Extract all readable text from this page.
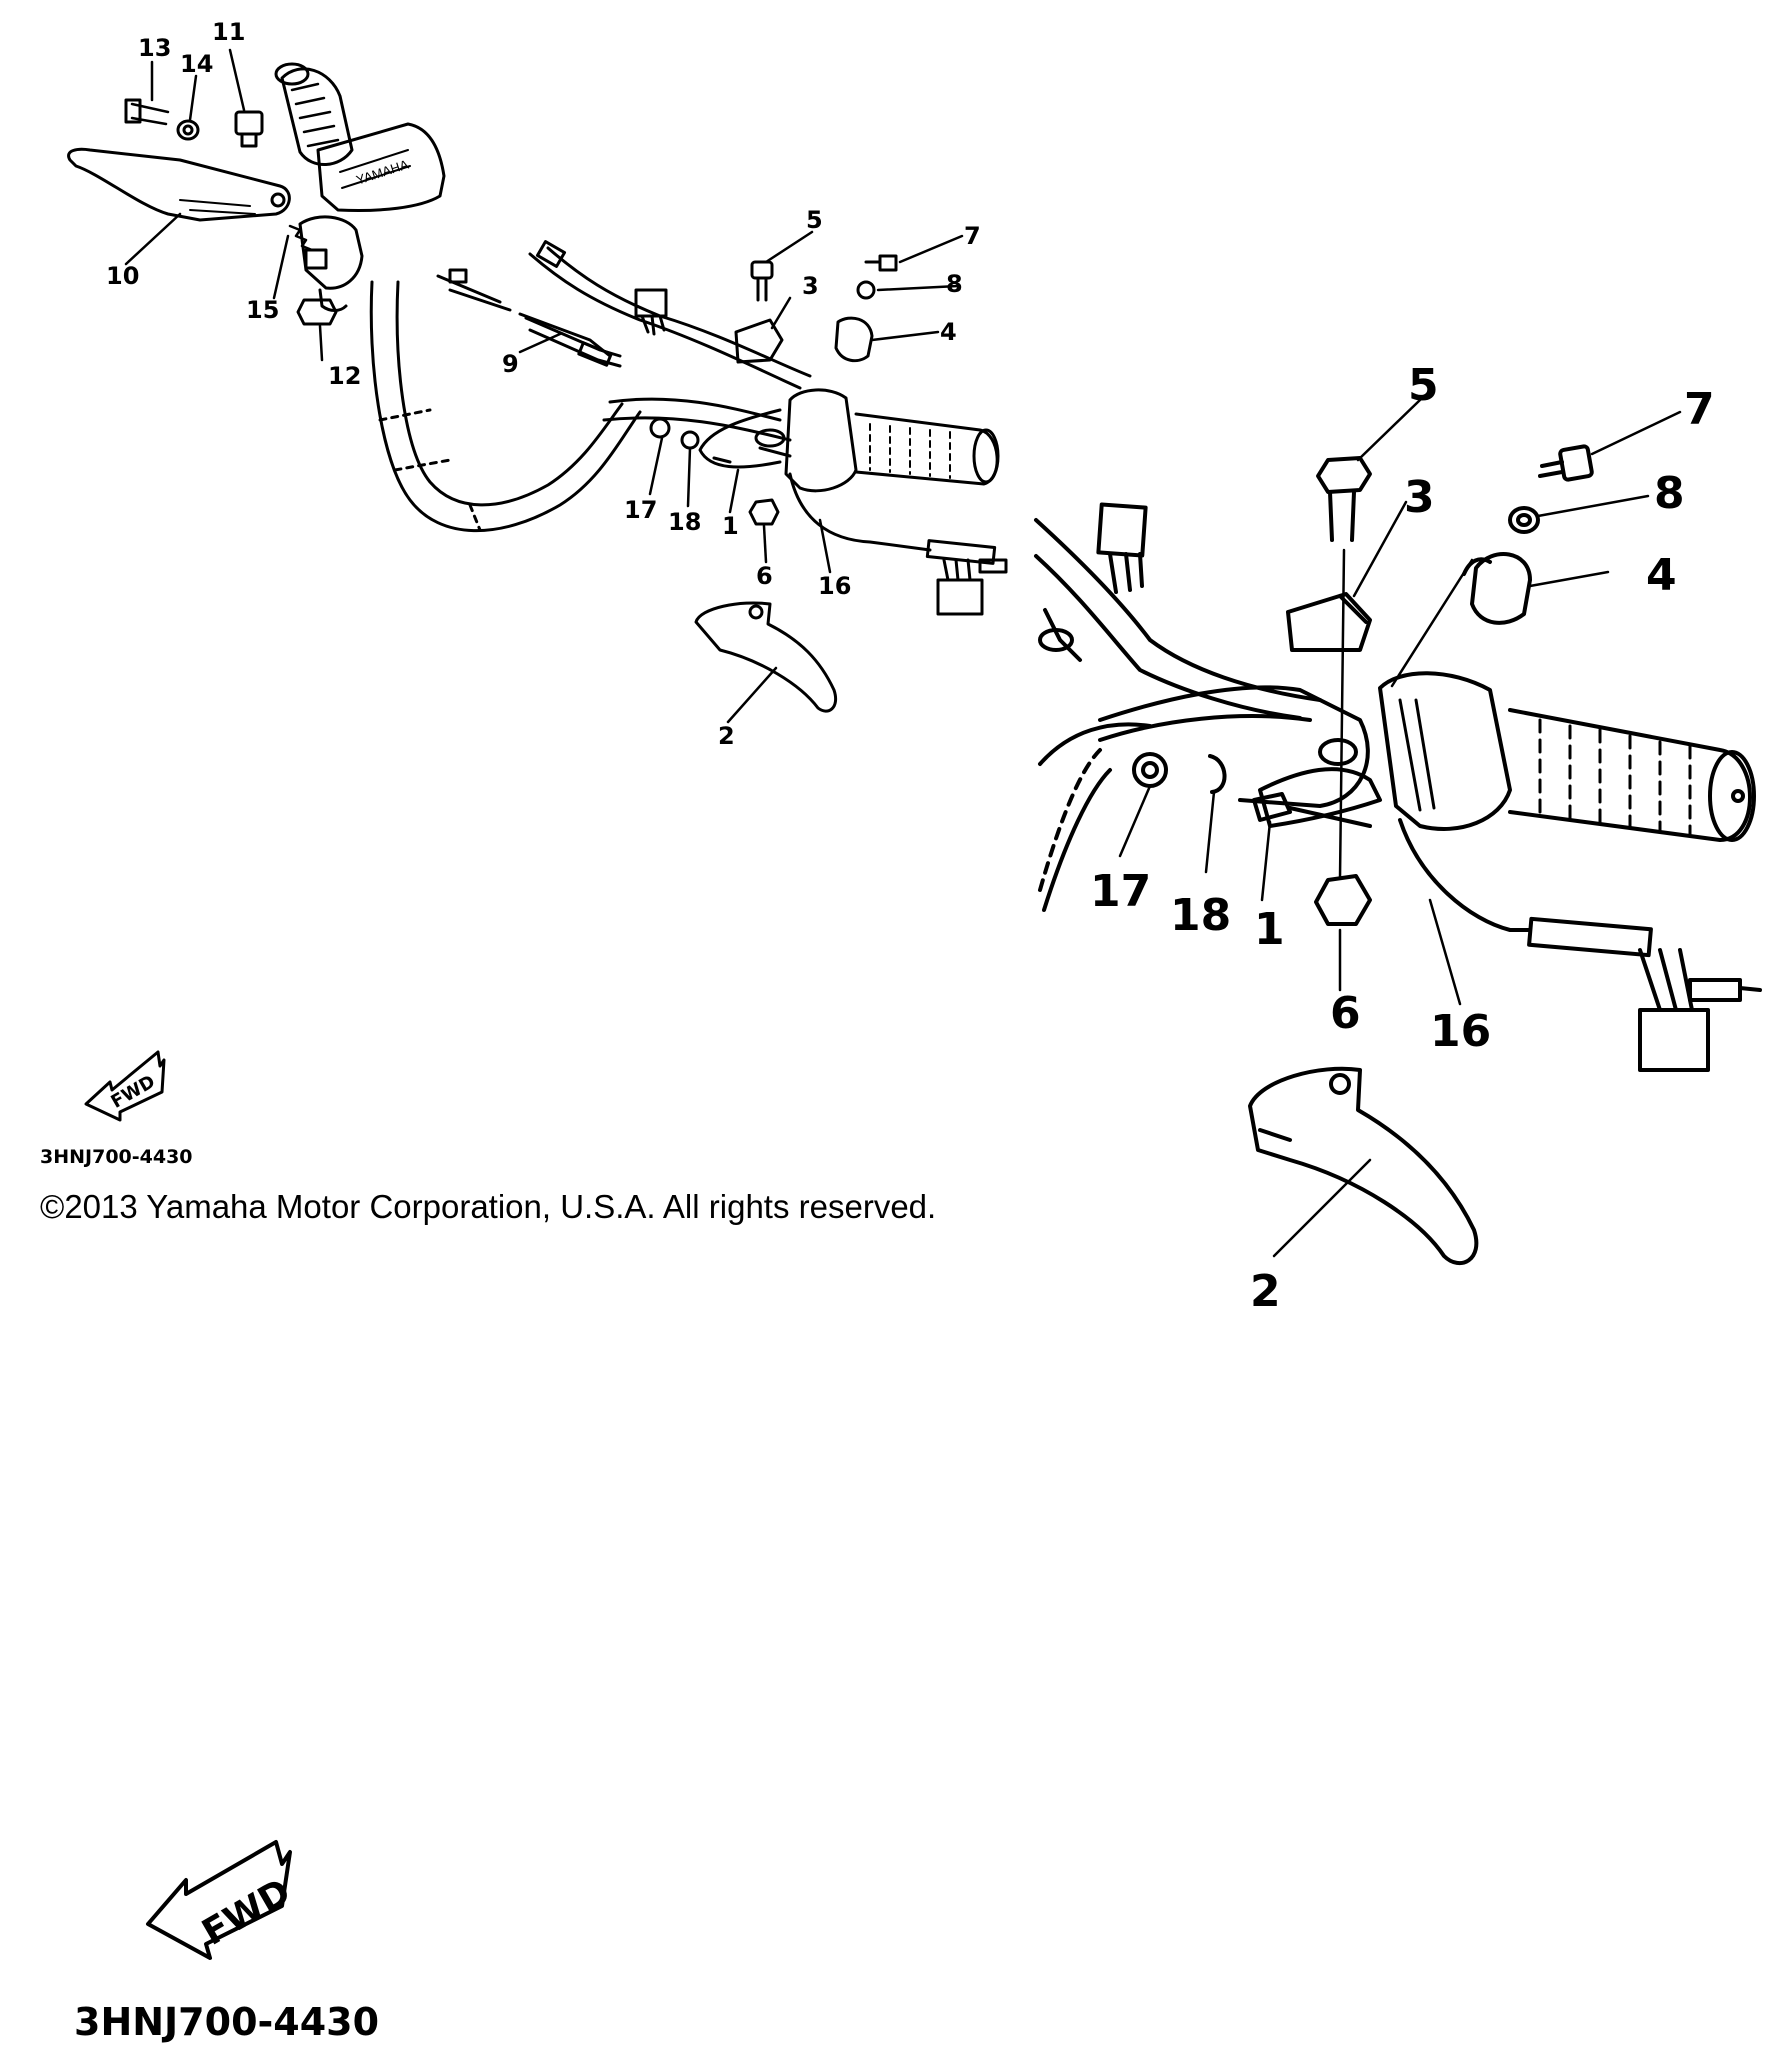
YAMAHA
FWD
FWD
1
2
3
4
5
6
7
8
9
10
11
12
13
14
15
16
17 18
1
2
3
4
5
6
7
8
16
17 18
3HNJ700-4430
©2013 Yamaha Motor Corporation, U.S.A. All rights reserved.
3HNJ700-4430
